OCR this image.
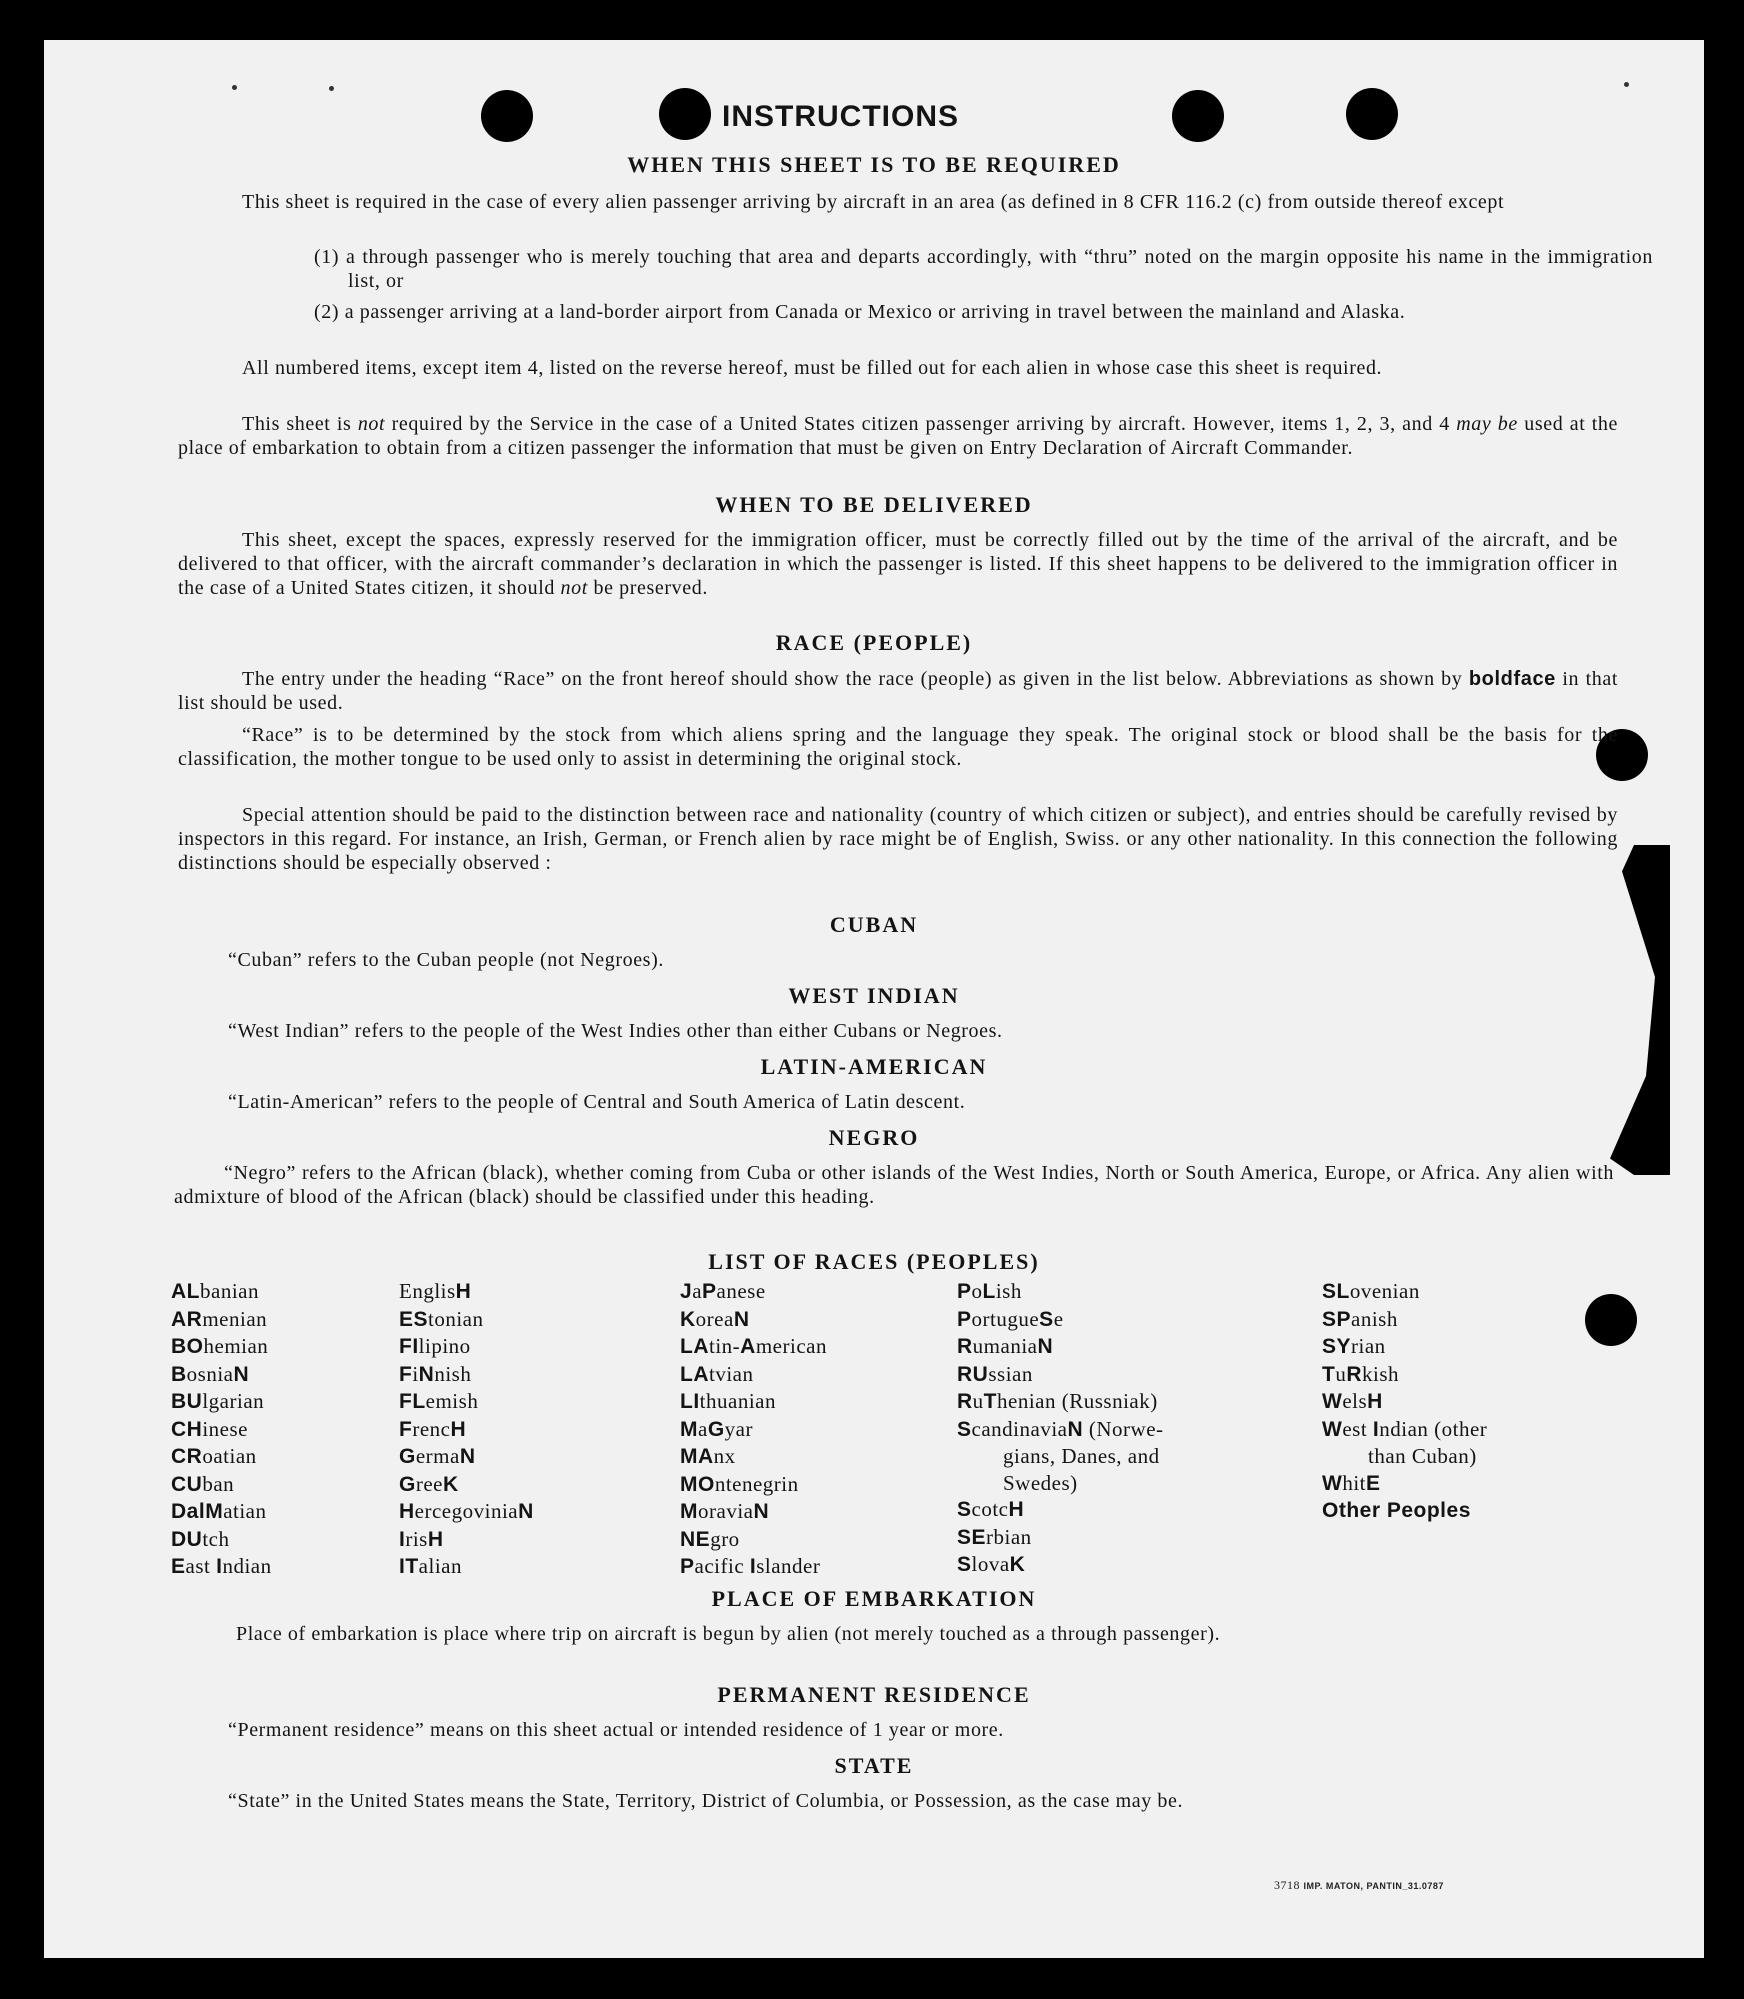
INSTRUCTIONS
WHEN THIS SHEET IS TO BE REQUIRED

This sheet is required in the case of every alien passenger arriving by aircraft in an area (as defined in 8 CFR 116.2 (c) from outside thereof except

(1) a through passenger who is merely touching that area and departs accordingly, with “thru” noted on the margin opposite his name in the immigration list, or

(2) a passenger arriving at a land-border airport from Canada or Mexico or arriving in travel between the mainland and Alaska.

All numbered items, except item 4, listed on the reverse hereof, must be filled out for each alien in whose case this sheet is required.

This sheet is not required by the Service in the case of a United States citizen passenger arriving by aircraft. However, items 1, 2, 3, and 4 may be used at the place of embarkation to obtain from a citizen passenger the information that must be given on Entry Declaration of Aircraft Commander.

WHEN TO BE DELIVERED

This sheet, except the spaces, expressly reserved for the immigration officer, must be correctly filled out by the time of the arrival of the aircraft, and be delivered to that officer, with the aircraft commander’s declaration in which the passenger is listed. If this sheet happens to be delivered to the immigration officer in the case of a United States citizen, it should not be preserved.

RACE (PEOPLE)

The entry under the heading “Race” on the front hereof should show the race (people) as given in the list below. Abbreviations as shown by boldface in that list should be used.

“Race” is to be determined by the stock from which aliens spring and the language they speak. The original stock or blood shall be the basis for the classification, the mother tongue to be used only to assist in determining the original stock.

Special attention should be paid to the distinction between race and nationality (country of which citizen or subject), and entries should be carefully revised by inspectors in this regard. For instance, an Irish, German, or French alien by race might be of English, Swiss. or any other nationality. In this connection the following distinctions should be especially observed :

CUBAN

“Cuban” refers to the Cuban people (not Negroes).

WEST INDIAN

“West Indian” refers to the people of the West Indies other than either Cubans or Negroes.

LATIN-AMERICAN

“Latin-American” refers to the people of Central and South America of Latin descent.

NEGRO

“Negro” refers to the African (black), whether coming from Cuba or other islands of the West Indies, North or South America, Europe, or Africa. Any alien with admixture of blood of the African (black) should be classified under this heading.

LIST OF RACES (PEOPLES)
ALbanian
ARmenian
BOhemian
BosniaN
BUlgarian
CHinese
CRoatian
CUban
DalMatian
DUtch
East Indian
EnglisH
EStonian
FIlipino
FiNnish
FLemish
FrencH
GermaN
GreeK
HercegoviniaN
IrisH
ITalian
JaPanese
KoreaN
LAtin-American
LAtvian
LIthuanian
MaGyar
MAnx
MOntenegrin
MoraviaN
NEgro
Pacific Islander
PoLish
PortugueSe
RumaniaN
RUssian
RuThenian (Russniak)
ScandinaviaN (Norwe-
gians, Danes, and
Swedes)
ScotcH
SErbian
SlovaK
SLovenian
SPanish
SYrian
TuRkish
WelsH
West Indian (other
than Cuban)
WhitE
Other Peoples
PLACE OF EMBARKATION

Place of embarkation is place where trip on aircraft is begun by alien (not merely touched as a through passenger).

PERMANENT RESIDENCE

“Permanent residence” means on this sheet actual or intended residence of 1 year or more.

STATE

“State” in the United States means the State, Territory, District of Columbia, or Possession, as the case may be.

3718 IMP. MATON, PANTIN_31.0787
